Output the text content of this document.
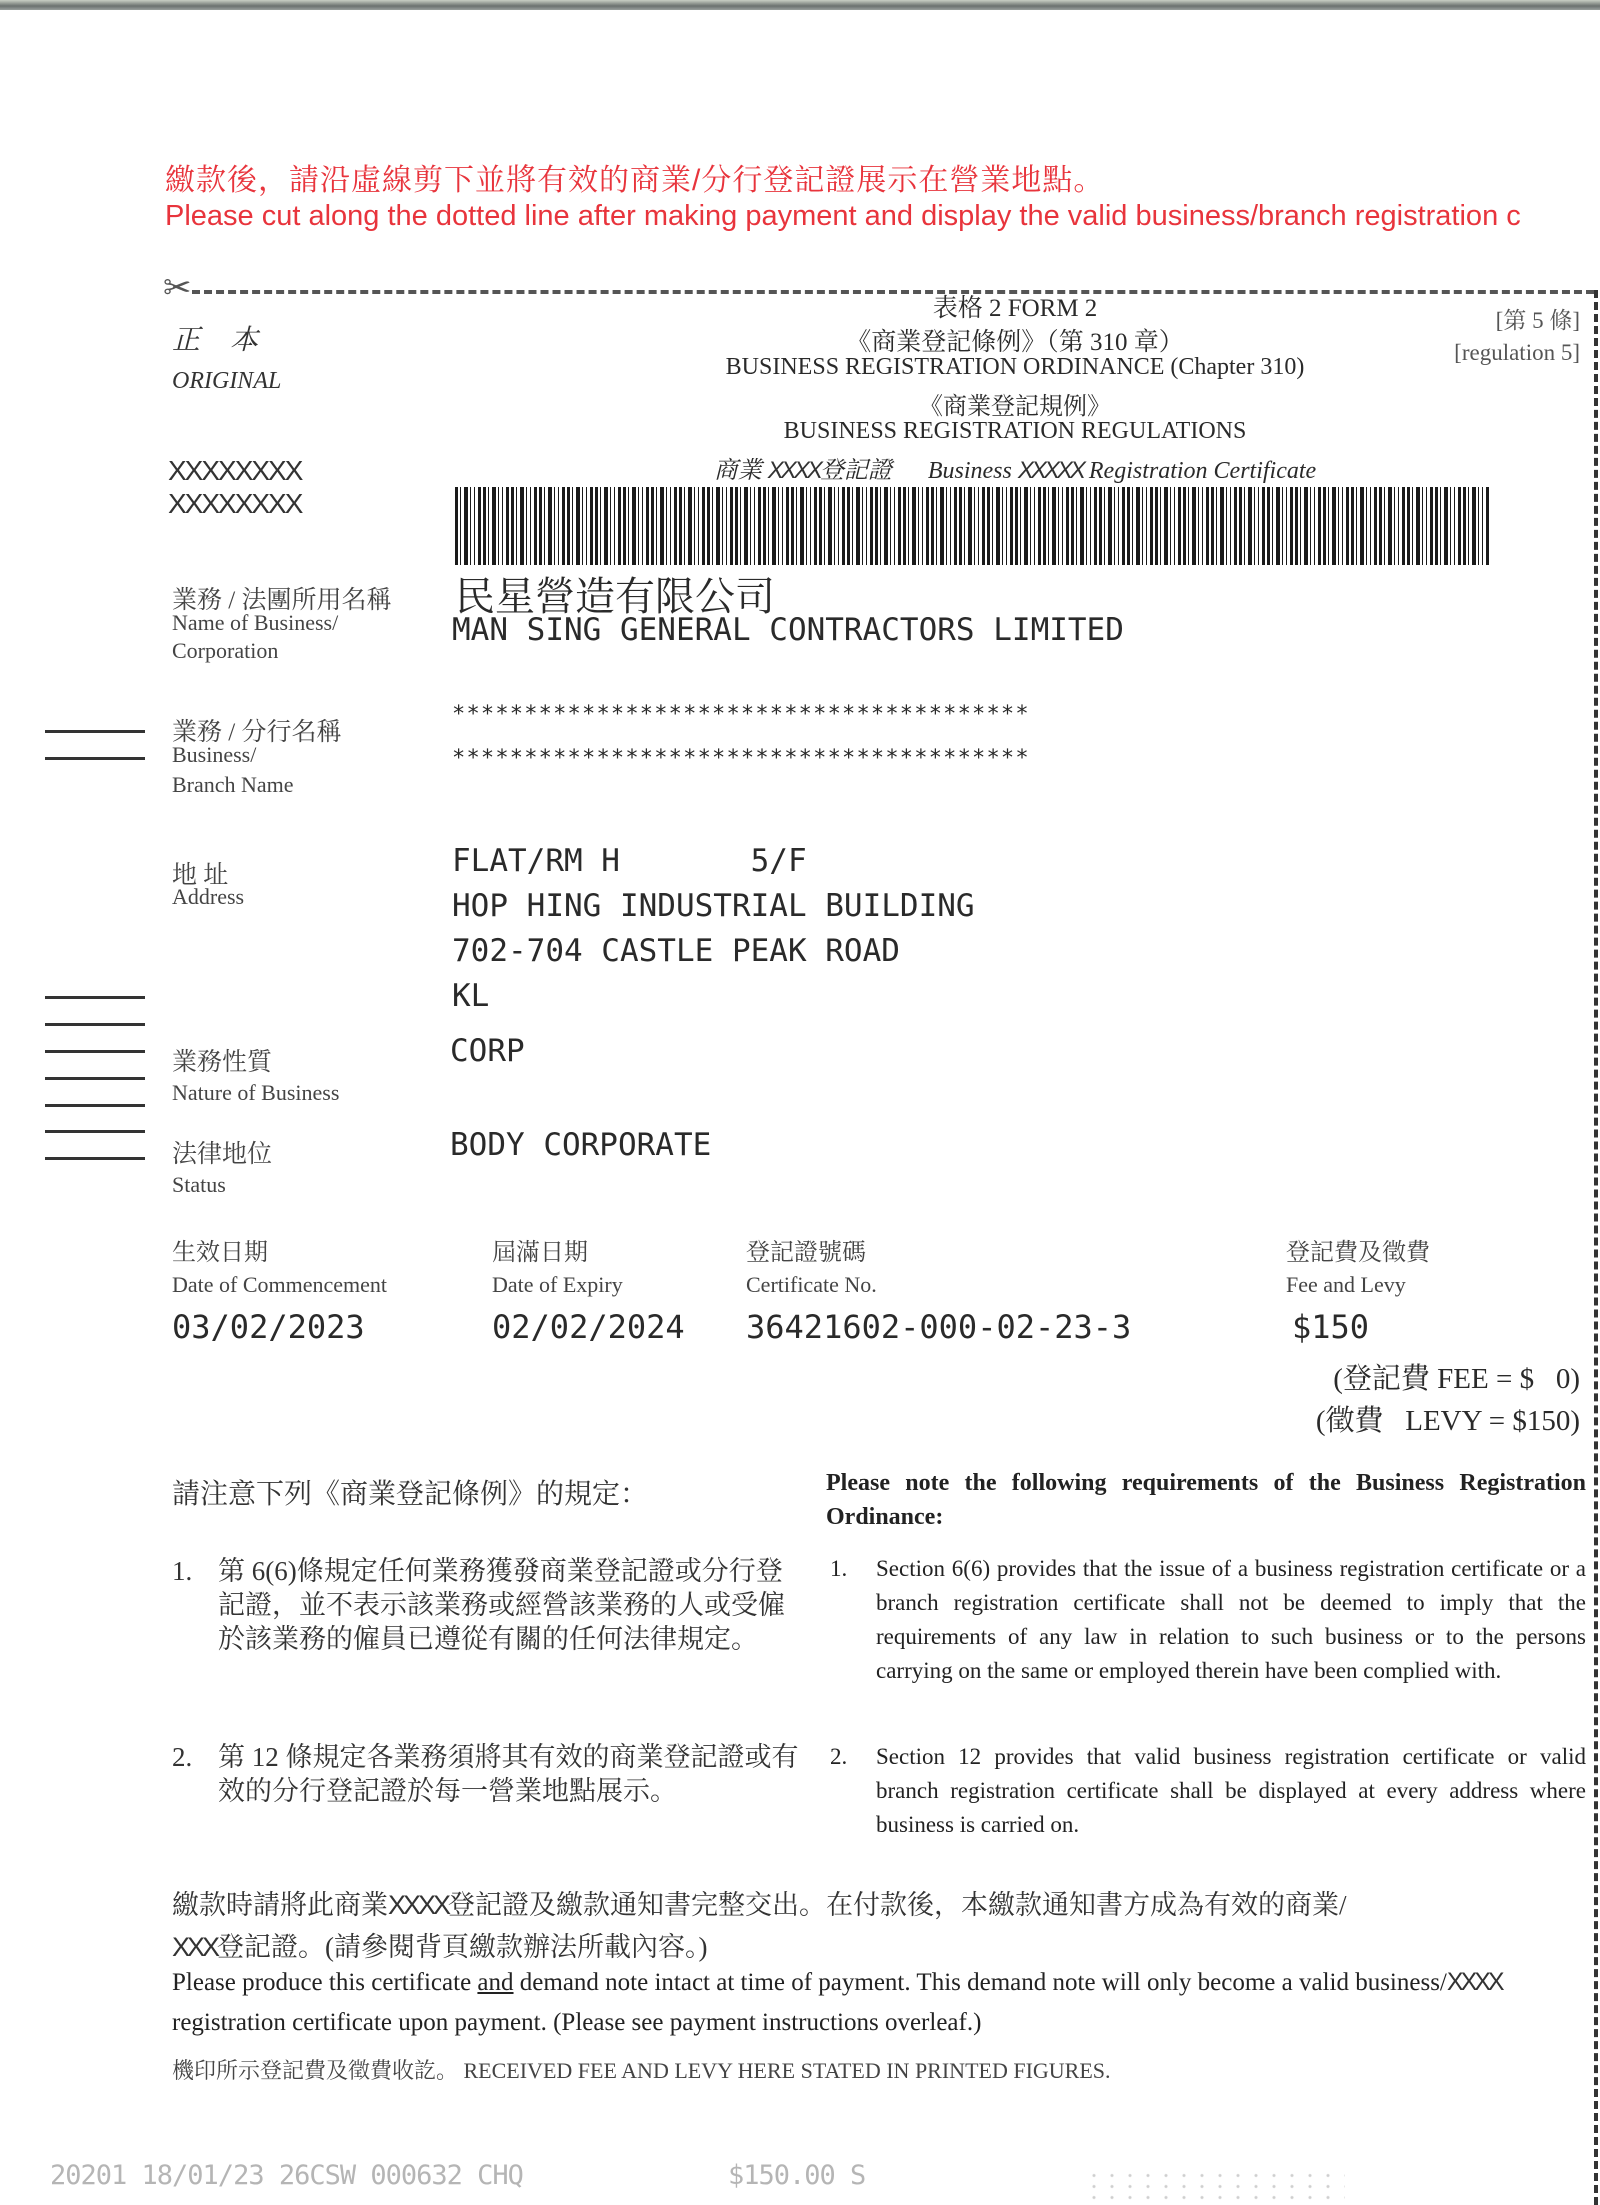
繳款後，請沿虛線剪下並將有效的商業/分行登記證展示在營業地點。
Please cut along the dotted line after making payment and display the valid business/branch registration c
✂
正本
ORIGINAL
表格 2 FORM 2
《商業登記條例》（第 310 章）
BUSINESS REGISTRATION ORDINANCE (Chapter 310)
《商業登記規例》
BUSINESS REGISTRATION REGULATIONS
商業 XXXX登記證 Business XXXXX Registration Certificate
[第 5 條]
[regulation 5]
XXXXXXXX
XXXXXXXX
業務 / 法團所用名稱
Name of Business/
Corporation
民星營造有限公司
MAN SING GENERAL CONTRACTORS LIMITED
業務 / 分行名稱
Business/
Branch Name
****************************************
****************************************
地 址
Address
FLAT/RM H       5/F
HOP HING INDUSTRIAL BUILDING
702-704 CASTLE PEAK ROAD
KL
業務性質
Nature of Business
CORP
法律地位
Status
BODY CORPORATE
生效日期
Date of Commencement
03/02/2023
屆滿日期
Date of Expiry
02/02/2024
登記證號碼
Certificate No.
36421602-000-02-23-3
登記費及徵費
Fee and Levy
$150
(登記費 FEE = $   0)
(徵費   LEVY = $150)
請注意下列《商業登記條例》的規定：	Please note the following requirements of the Business Registration Ordinance:
1. 第 6(6)條規定任何業務獲發商業登記證或分行登記證，並不表示該業務或經營該業務的人或受僱於該業務的僱員已遵從有關的任何法律規定。
2. 第 12 條規定各業務須將其有效的商業登記證或有效的分行登記證於每一營業地點展示。
1. Section 6(6) provides that the issue of a business registration certificate or a branch registration certificate shall not be deemed to imply that the requirements of any law in relation to such business or to the persons carrying on the same or employed therein have been complied with.
2. Section 12 provides that valid business registration certificate or valid branch registration certificate shall be displayed at every address where business is carried on.
繳款時請將此商業XXXX登記證及繳款通知書完整交出。在付款後，本繳款通知書方成為有效的商業/
XXX登記證。(請參閱背頁繳款辦法所載內容。)
Please produce this certificate and demand note intact at time of payment. This demand note will only become a valid business/XXXX registration certificate upon payment. (Please see payment instructions overleaf.)
機印所示登記費及徵費收訖。 RECEIVED FEE AND LEVY HERE STATED IN PRINTED FIGURES.
20201 18/01/23 26CSW 000632 CHQ	$150.00 S
